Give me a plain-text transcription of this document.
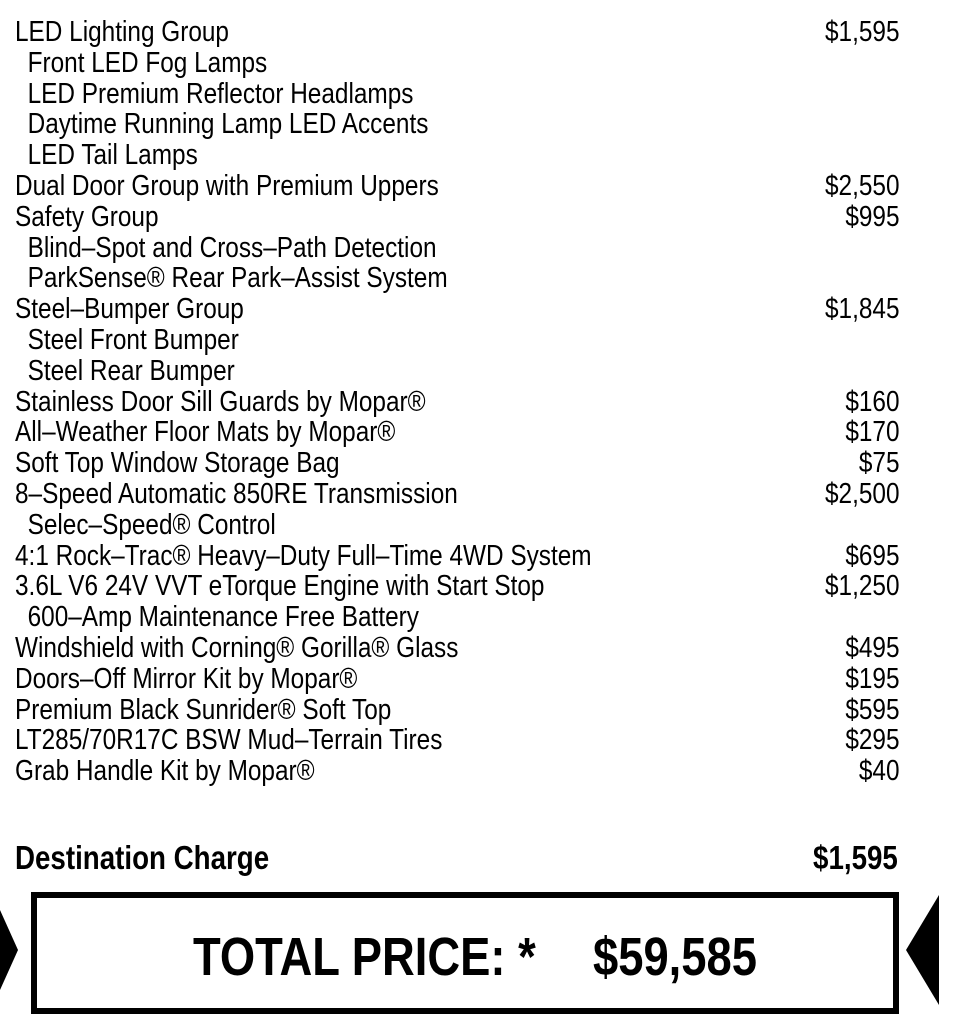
LED Lighting Group	$1,595
Front LED Fog Lamps
LED Premium Reflector Headlamps
Daytime Running Lamp LED Accents
LED Tail Lamps
Dual Door Group with Premium Uppers	$2,550
Safety Group	$995
Blind–Spot and Cross–Path Detection
ParkSense® Rear Park–Assist System
Steel–Bumper Group	$1,845
Steel Front Bumper
Steel Rear Bumper
Stainless Door Sill Guards by Mopar®	$160
All–Weather Floor Mats by Mopar®	$170
Soft Top Window Storage Bag	$75
8–Speed Automatic 850RE Transmission	$2,500
Selec–Speed® Control
4:1 Rock–Trac® Heavy–Duty Full–Time 4WD System	$695
3.6L V6 24V VVT eTorque Engine with Start Stop	$1,250
600–Amp Maintenance Free Battery
Windshield with Corning® Gorilla® Glass	$495
Doors–Off Mirror Kit by Mopar®	$195
Premium Black Sunrider® Soft Top	$595
LT285/70R17C BSW Mud–Terrain Tires	$295
Grab Handle Kit by Mopar®	$40
Destination Charge	$1,595
TOTAL PRICE: * $59,585
